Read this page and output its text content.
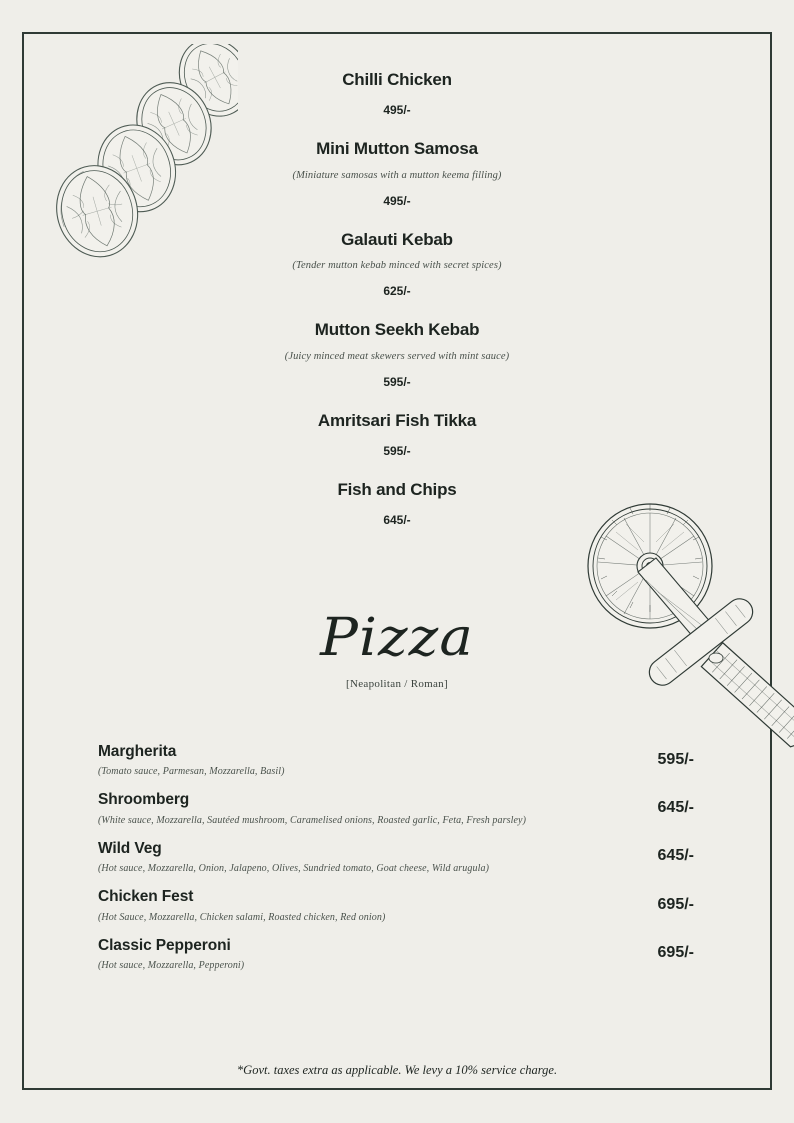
Chilli Chicken
495/-
Mini Mutton Samosa
(Miniature samosas with a mutton keema filling)
495/-
Galauti Kebab
(Tender mutton kebab minced with secret spices)
625/-
Mutton Seekh Kebab
(Juicy minced meat skewers served with mint sauce)
595/-
Amritsari Fish Tikka
595/-
Fish and Chips
645/-
Pizza
[Neapolitan / Roman]
Margherita
(Tomato sauce, Parmesan, Mozzarella, Basil)
595/-
Shroomberg
(White sauce, Mozzarella, Sautéed mushroom, Caramelised onions, Roasted garlic, Feta, Fresh parsley)
645/-
Wild Veg
(Hot sauce, Mozzarella, Onion, Jalapeno, Olives, Sundried tomato, Goat cheese, Wild arugula)
645/-
Chicken Fest
(Hot Sauce, Mozzarella, Chicken salami, Roasted chicken, Red onion)
695/-
Classic Pepperoni
(Hot sauce, Mozzarella, Pepperoni)
695/-
*Govt. taxes extra as applicable. We levy a 10% service charge.
